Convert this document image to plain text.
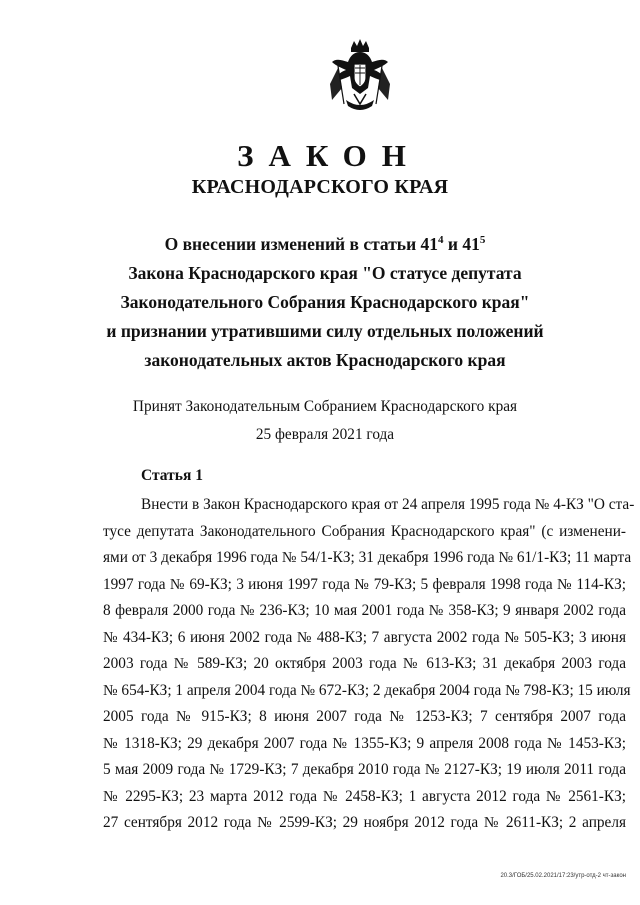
ЗАКОН
КРАСНОДАРСКОГО КРАЯ
О внесении изменений в статьи $41^4$ и $41^5$
Закона Краснодарского края "О статусе депутата
Законодательного Собрания Краснодарского края"
и признании утратившими силу отдельных положений
законодательных актов Краснодарского края
Принят Законодательным Собранием Краснодарского края
25 февраля 2021 года
Статья 1
Внести в Закон Краснодарского края от 24 апреля 1995 года № 4-КЗ "О ста-
тусе депутата Законодательного Собрания Краснодарского края" (с изменени-
ями от 3 декабря 1996 года № 54/1-КЗ; 31 декабря 1996 года № 61/1-КЗ; 11 марта
1997 года № 69-КЗ; 3 июня 1997 года № 79-КЗ; 5 февраля 1998 года № 114-КЗ;
8 февраля 2000 года № 236-КЗ; 10 мая 2001 года № 358-КЗ; 9 января 2002 года
№ 434-КЗ; 6 июня 2002 года № 488-КЗ; 7 августа 2002 года № 505-КЗ; 3 июня
2003 года № 589-КЗ; 20 октября 2003 года № 613-КЗ; 31 декабря 2003 года
№ 654-КЗ; 1 апреля 2004 года № 672-КЗ; 2 декабря 2004 года № 798-КЗ; 15 июля
2005 года № 915-КЗ; 8 июня 2007 года № 1253-КЗ; 7 сентября 2007 года
№ 1318-КЗ; 29 декабря 2007 года № 1355-КЗ; 9 апреля 2008 года № 1453-КЗ;
5 мая 2009 года № 1729-КЗ; 7 декабря 2010 года № 2127-КЗ; 19 июля 2011 года
№ 2295-КЗ; 23 марта 2012 года № 2458-КЗ; 1 августа 2012 года № 2561-КЗ;
27 сентября 2012 года № 2599-КЗ; 29 ноября 2012 года № 2611-КЗ; 2 апреля
20.3/ГОБ/25.02.2021/17:23/утр-отд-2 чт-закон
